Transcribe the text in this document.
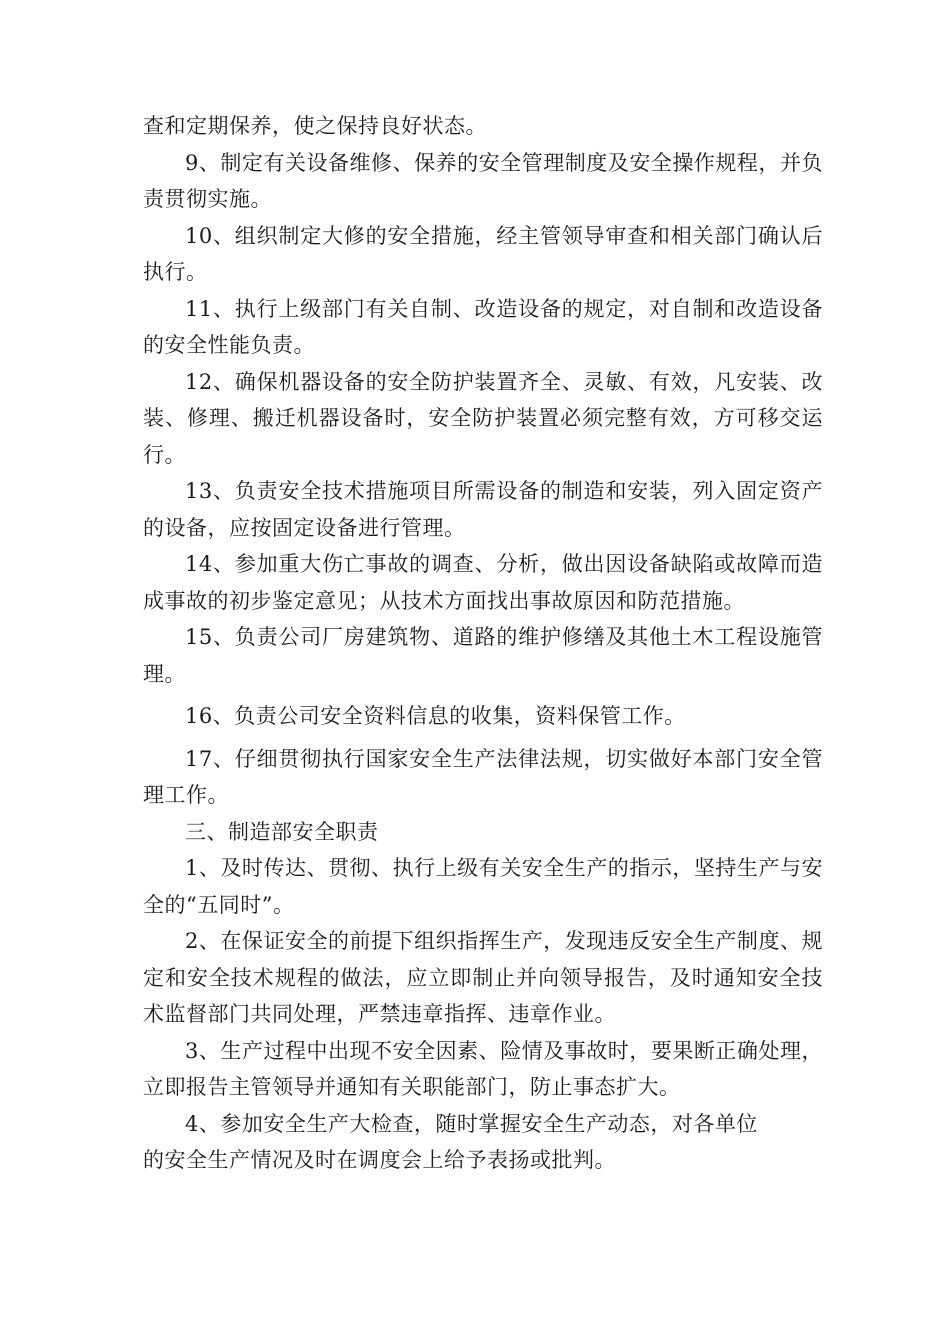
查和定期保养，使之保持良好状态。

9、制定有关设备维修、保养的安全管理制度及安全操作规程，并负责贯彻实施。

10、组织制定大修的安全措施，经主管领导审查和相关部门确认后执行。

11、执行上级部门有关自制、改造设备的规定，对自制和改造设备的安全性能负责。

12、确保机器设备的安全防护装置齐全、灵敏、有效，凡安装、改装、修理、搬迁机器设备时，安全防护装置必须完整有效，方可移交运行。

13、负责安全技术措施项目所需设备的制造和安装，列入固定资产的设备，应按固定设备进行管理。

14、参加重大伤亡事故的调查、分析，做出因设备缺陷或故障而造成事故的初步鉴定意见；从技术方面找出事故原因和防范措施。

15、负责公司厂房建筑物、道路的维护修缮及其他土木工程设施管理。

16、负责公司安全资料信息的收集，资料保管工作。

17、仔细贯彻执行国家安全生产法律法规，切实做好本部门安全管理工作。

三、制造部安全职责

1、及时传达、贯彻、执行上级有关安全生产的指示，坚持生产与安全的“五同时”。

2、在保证安全的前提下组织指挥生产，发现违反安全生产制度、规定和安全技术规程的做法，应立即制止并向领导报告，及时通知安全技术监督部门共同处理，严禁违章指挥、违章作业。

3、生产过程中出现不安全因素、险情及事故时，要果断正确处理，立即报告主管领导并通知有关职能部门，防止事态扩大。

4、参加安全生产大检查，随时掌握安全生产动态，对各单位

的安全生产情况及时在调度会上给予表扬或批判。
